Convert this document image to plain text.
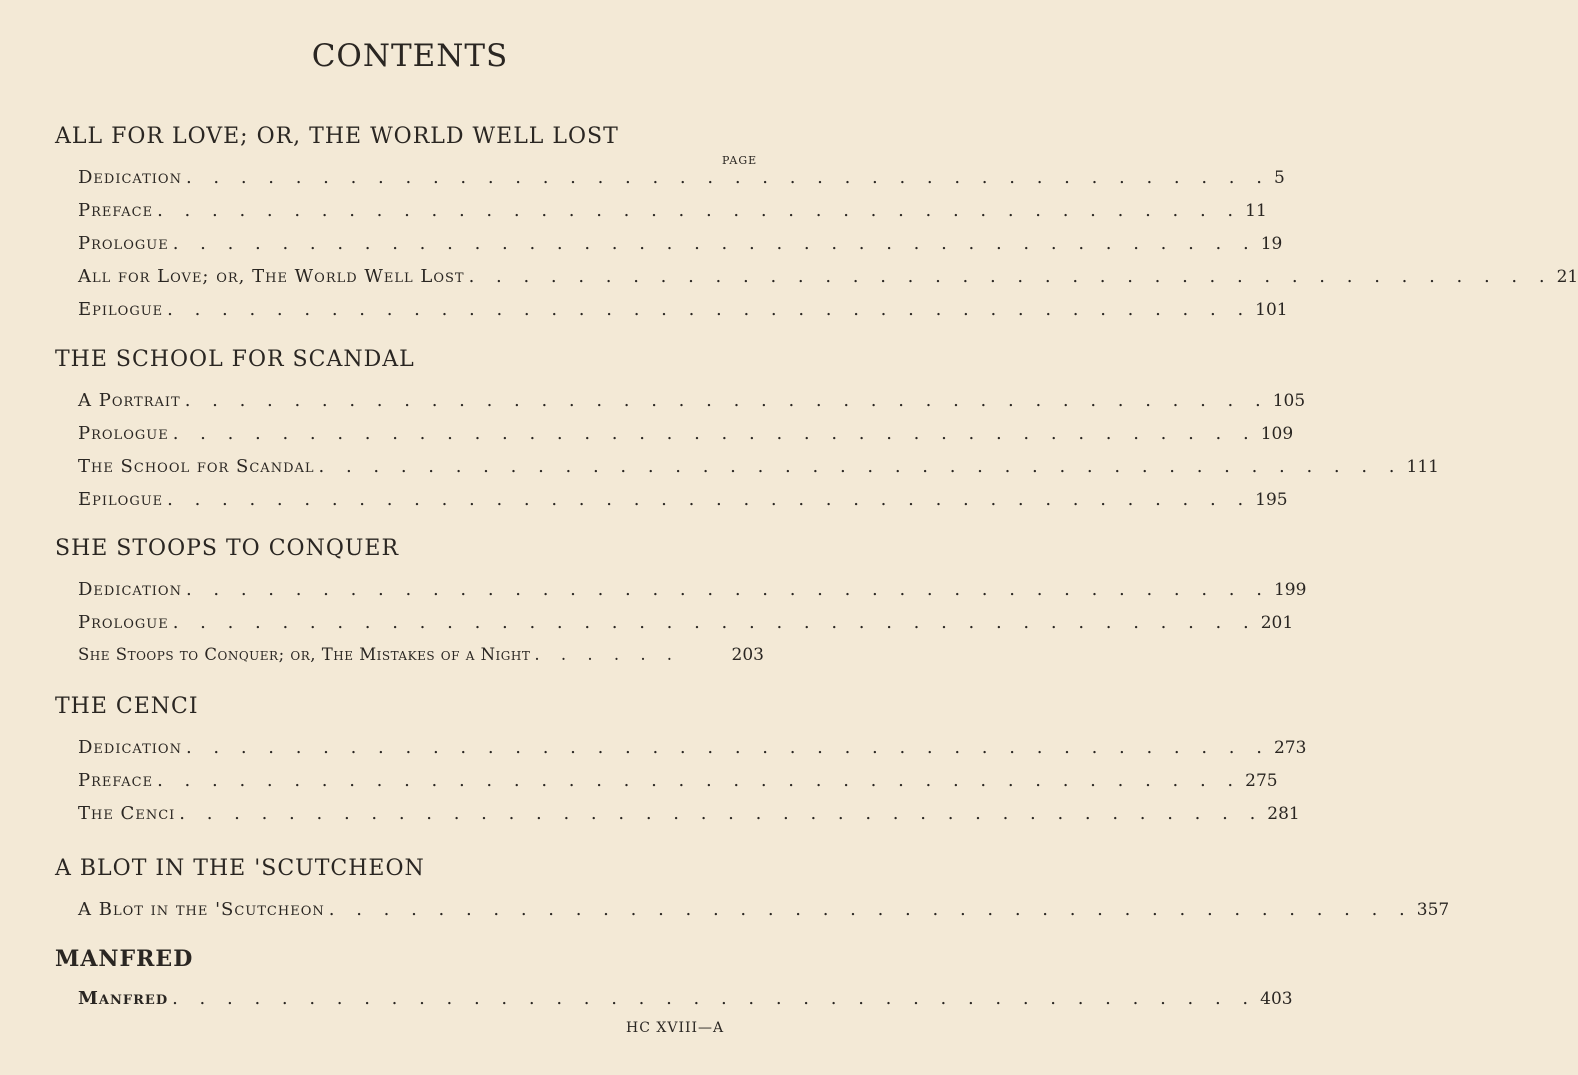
CONTENTS
PAGE
ALL FOR LOVE; OR, THE WORLD WELL LOST
Dedication . . . . . . . . . . . . . . . . . . . . . . . . . . . . . . . . . . . . . . . . 5
Preface . . . . . . . . . . . . . . . . . . . . . . . . . . . . . . . . . . . . . . . . 11
Prologue . . . . . . . . . . . . . . . . . . . . . . . . . . . . . . . . . . . . . . . . 19
All for Love; or, The World Well Lost . . . . . . . . . . . . . . . . . . . . . . . . . . . . . . . . . . . . . . . . 21
Epilogue . . . . . . . . . . . . . . . . . . . . . . . . . . . . . . . . . . . . . . . . 101
THE SCHOOL FOR SCANDAL
A Portrait . . . . . . . . . . . . . . . . . . . . . . . . . . . . . . . . . . . . . . . . 105
Prologue . . . . . . . . . . . . . . . . . . . . . . . . . . . . . . . . . . . . . . . . 109
The School for Scandal . . . . . . . . . . . . . . . . . . . . . . . . . . . . . . . . . . . . . . . . 111
Epilogue . . . . . . . . . . . . . . . . . . . . . . . . . . . . . . . . . . . . . . . . 195
SHE STOOPS TO CONQUER
Dedication . . . . . . . . . . . . . . . . . . . . . . . . . . . . . . . . . . . . . . . . 199
Prologue . . . . . . . . . . . . . . . . . . . . . . . . . . . . . . . . . . . . . . . . 201
She Stoops to Conquer; or, The Mistakes of a Night . . . . . .	203
THE CENCI
Dedication . . . . . . . . . . . . . . . . . . . . . . . . . . . . . . . . . . . . . . . . 273
Preface . . . . . . . . . . . . . . . . . . . . . . . . . . . . . . . . . . . . . . . . 275
The Cenci . . . . . . . . . . . . . . . . . . . . . . . . . . . . . . . . . . . . . . . . 281
A BLOT IN THE 'SCUTCHEON
A Blot in the 'Scutcheon . . . . . . . . . . . . . . . . . . . . . . . . . . . . . . . . . . . . . . . . 357
MANFRED
Manfred . . . . . . . . . . . . . . . . . . . . . . . . . . . . . . . . . . . . . . . . 403
HC XVIII—A
